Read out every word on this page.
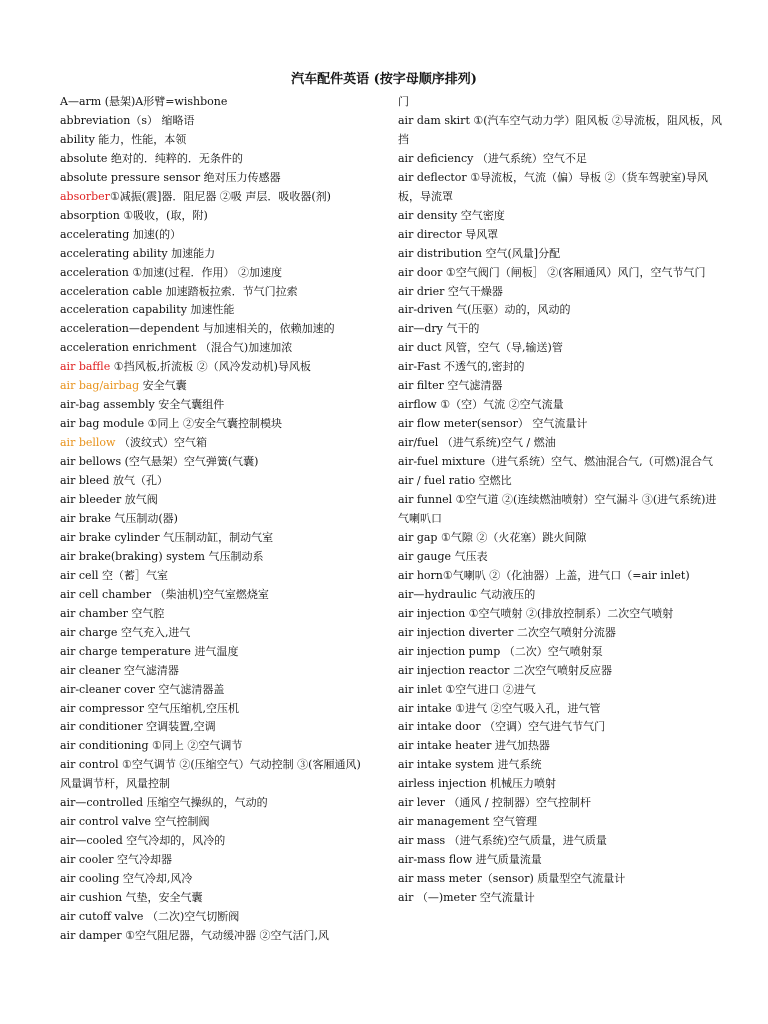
汽车配件英语 (按字母顺序排列)
A—arm (悬架)A形臂=wishbone
abbreviation（s） 缩略语
ability 能力，性能，本领
absolute 绝对的．纯粹的．无条件的
absolute pressure sensor 绝对压力传感器
absorber①减振(震]器．阻尼器 ②吸 声层．吸收器(剂)
absorption ①吸收，(取，附)
accelerating 加速(的）
accelerating ability 加速能力
acceleration ①加速(过程．作用） ②加速度
acceleration cable 加速踏板拉索．节气门拉索
acceleration capability 加速性能
acceleration—dependent 与加速相关的，依赖加速的
acceleration enrichment （混合气)加速加浓
air baffle ①挡风板,折流板 ②（风冷发动机)导风板
air bag/airbag 安全气囊
air-bag assembly 安全气囊组件
air bag module ①同上 ②安全气囊控制模块
air bellow （波纹式）空气箱
air bellows (空气悬架）空气弹簧(气囊)
air bleed 放气（孔）
air bleeder 放气阀
air brake 气压制动(器)
air brake cylinder 气压制动缸，制动气室
air brake(braking) system 气压制动系
air cell 空（蓄］气室
air cell chamber （柴油机)空气室燃烧室
air chamber 空气腔
air charge 空气充入,进气
air charge temperature 进气温度
air cleaner 空气滤清器
air-cleaner cover 空气滤清器盖
air compressor 空气压缩机,空压机
air conditioner 空调装置,空调
air conditioning ①同上 ②空气调节
air control ①空气调节 ②(压缩空气）气动控制 ③(客厢通风)风量调节杆，风量控制
air—controlled 压缩空气操纵的，气动的
air control valve 空气控制阀
air—cooled 空气冷却的，风冷的
air cooler 空气冷却器
air cooling 空气冷却,风冷
air cushion 气垫，安全气囊
air cutoff valve （二次)空气切断阀
air damper ①空气阻尼器，气动缓冲器 ②空气活门,风
门
air dam skirt ①(汽车空气动力学）阻风板 ②导流板，阻风板，风挡
air deficiency （进气系统）空气不足
air deflector ①导流板，气流（偏）导板 ②（货车驾驶室)导风板，导流罩
air density 空气密度
air director 导风罩
air distribution 空气(风量]分配
air door ①空气阀门（闸板］ ②(客厢通风）风门，空气节气门
air drier 空气干燥器
air-driven 气(压驱）动的，风动的
air—dry 气干的
air duct 风管，空气（导,输送)管
air-Fast 不透气的,密封的
air filter 空气滤清器
airflow ①（空）气流 ②空气流量
air flow meter(sensor） 空气流量计
air/fuel （进气系统)空气 / 燃油
air-fuel mixture（进气系统）空气、燃油混合气,（可燃)混合气
air / fuel ratio 空燃比
air funnel ①空气道 ②(连续燃油喷射）空气漏斗 ③(进气系统)进气喇叭口
air gap ①气隙 ②（火花塞）跳火间隙
air gauge 气压表
air horn①气喇叭 ②（化油器）上盖，进气口（=air inlet)
air—hydraulic 气动液压的
air injection ①空气喷射 ②(排放控制系）二次空气喷射
air injection diverter 二次空气喷射分流器
air injection pump （二次）空气喷射泵
air injection reactor 二次空气喷射反应器
air inlet ①空气进口 ②进气
air intake ①进气 ②空气吸入孔，进气管
air intake door （空调）空气进气节气门
air intake heater 进气加热器
air intake system 进气系统
airless injection 机械压力喷射
air lever （通风 / 控制器）空气控制杆
air management 空气管理
air mass （进气系统)空气质量，进气质量
air-mass flow 进气质量流量
air mass meter（sensor) 质量型空气流量计
air （—)meter 空气流量计
